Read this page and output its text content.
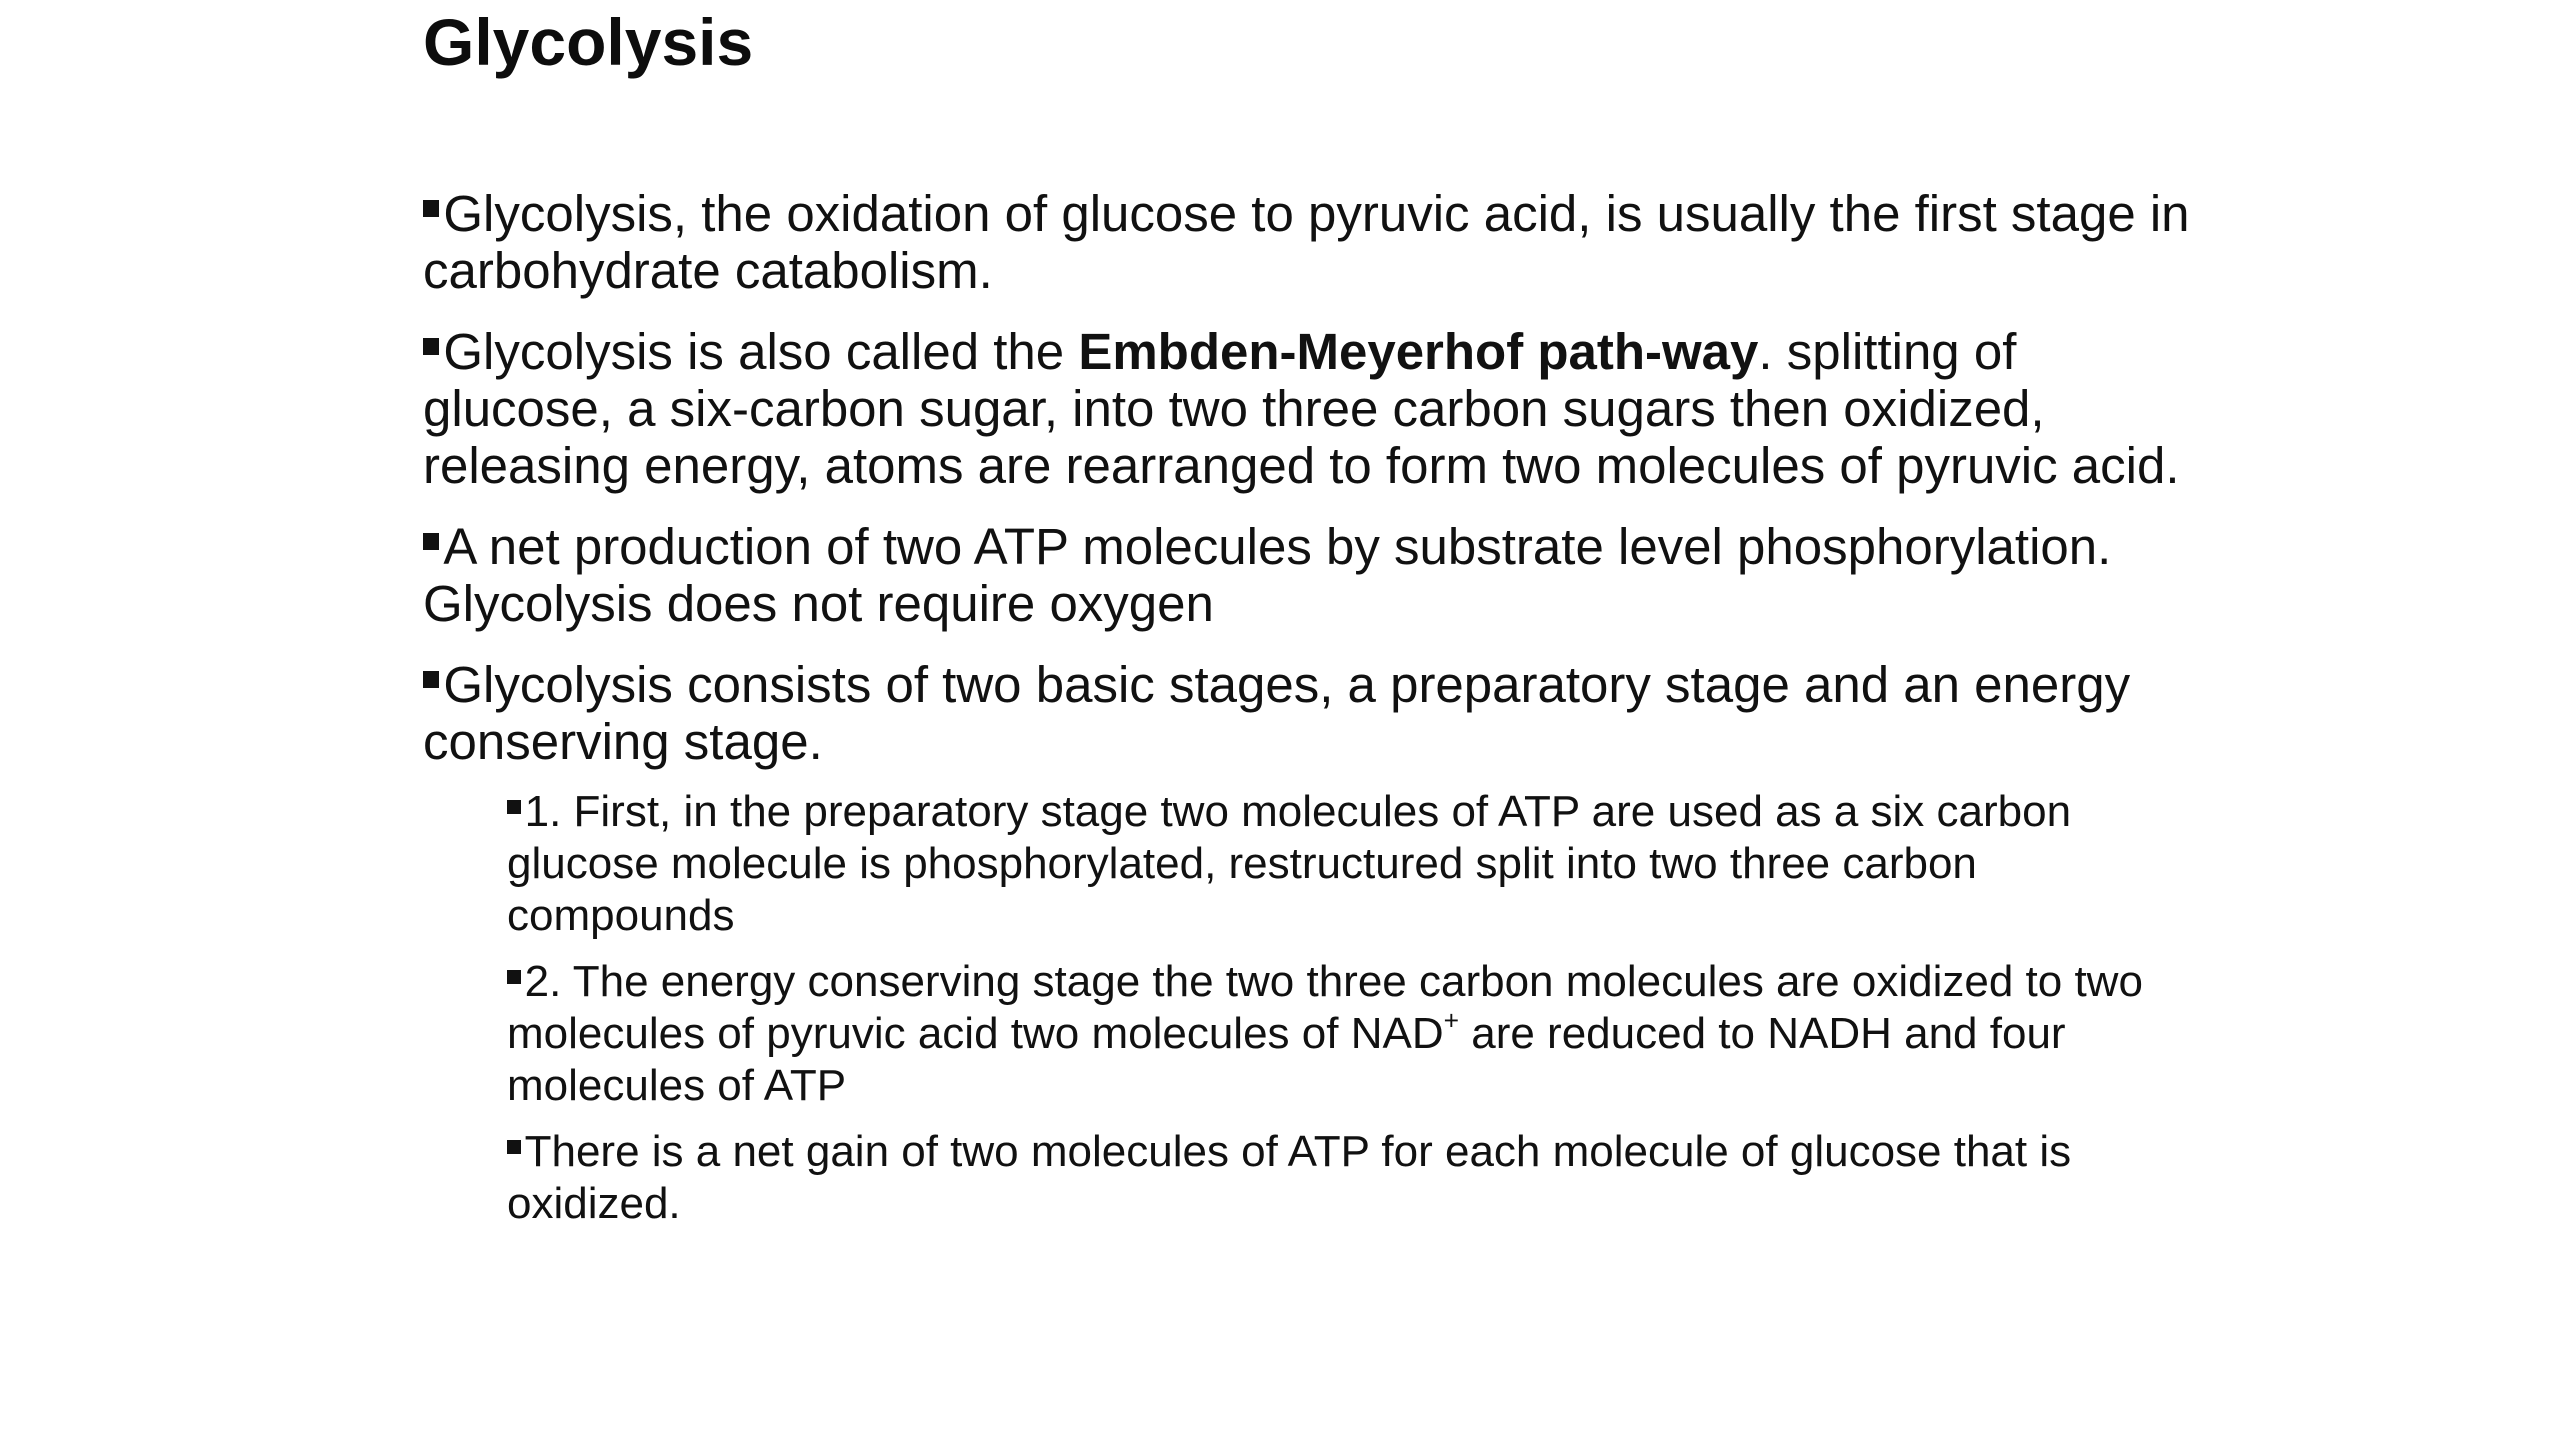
Glycolysis

Glycolysis, the oxidation of glucose to pyruvic acid, is usually the first stage in carbohydrate catabolism.

Glycolysis is also called the Embden-Meyerhof path-way. splitting of glucose, a six-carbon sugar, into two three carbon sugars then oxidized, releasing energy, atoms are rearranged to form two molecules of pyruvic acid.

A net production of two ATP molecules by substrate level phosphorylation. Glycolysis does not require oxygen

Glycolysis consists of two basic stages, a preparatory stage and an energy conserving stage.

1. First, in the preparatory stage two molecules of ATP are used as a six carbon glucose molecule is phosphorylated, restructured split into two three carbon compounds

2. The energy conserving stage the two three carbon molecules are oxidized to two molecules of pyruvic acid two molecules of NAD+ are reduced to NADH and four molecules of ATP

There is a net gain of two molecules of ATP for each molecule of glucose that is oxidized.
